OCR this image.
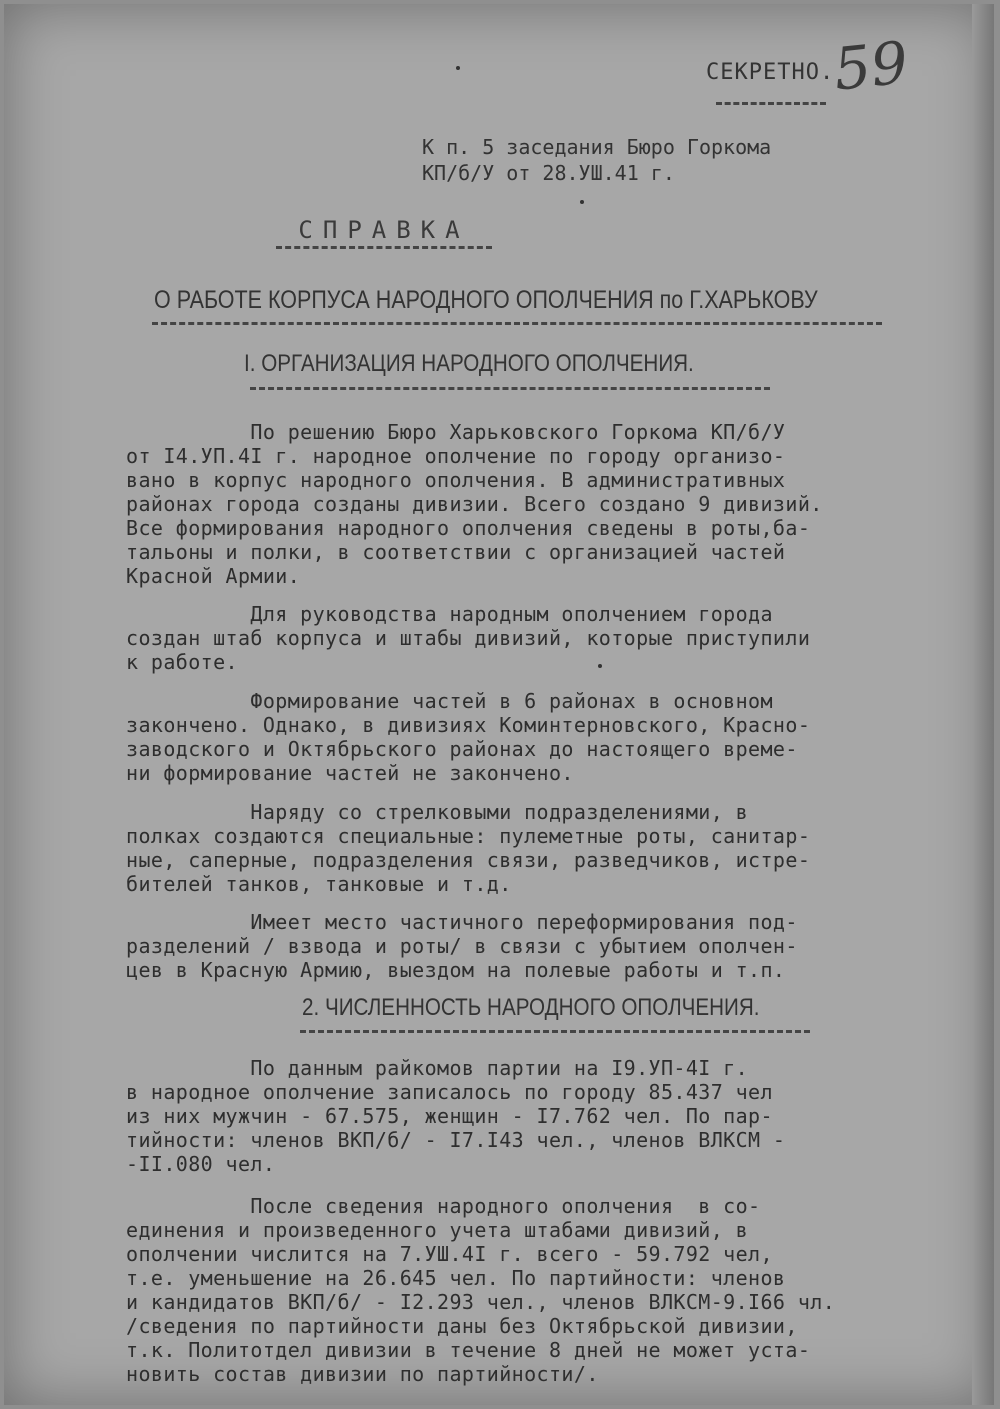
СЕКРЕТНО.
59
К п. 5 заседания Бюро Горкома
КП/б/У от 28.УШ.41 г.
СПРАВКА
О РАБОТЕ КОРПУСА НАРОДНОГО ОПОЛЧЕНИЯ по Г.ХАРЬКОВУ
I. ОРГАНИЗАЦИЯ НАРОДНОГО ОПОЛЧЕНИЯ.
По решению Бюро Харьковского Горкома КП/б/У
от I4.УП.4I г. народное ополчение по городу организо-
вано в корпус народного ополчения. В административных
районах города созданы дивизии. Всего создано 9 дивизий.
Все формирования народного ополчения сведены в роты,ба-
тальоны и полки, в соответствии с организацией частей
Красной Армии.
Для руководства народным ополчением города
создан штаб корпуса и штабы дивизий, которые приступили
к работе.
Формирование частей в 6 районах в основном
закончено. Однако, в дивизиях Коминтерновского, Красно-
заводского и Октябрьского районах до настоящего време-
ни формирование частей не закончено.
Наряду со стрелковыми подразделениями, в
полках создаются специальные: пулеметные роты, санитар-
ные, саперные, подразделения связи, разведчиков, истре-
бителей танков, танковые и т.д.
Имеет место частичного переформирования под-
разделений / взвода и роты/ в связи с убытием ополчен-
цев в Красную Армию, выездом на полевые работы и т.п.
2. ЧИСЛЕННОСТЬ НАРОДНОГО ОПОЛЧЕНИЯ.
По данным райкомов партии на I9.УП-4I г.
в народное ополчение записалось по городу 85.437 чел
из них мужчин - 67.575, женщин - I7.762 чел. По пар-
тийности: членов ВКП/б/ - I7.I43 чел., членов ВЛКСМ -
-II.080 чел.
После сведения народного ополчения  в со-
единения и произведенного учета штабами дивизий, в
ополчении числится на 7.УШ.4I г. всего - 59.792 чел,
т.е. уменьшение на 26.645 чел. По партийности: членов
и кандидатов ВКП/б/ - I2.293 чел., членов ВЛКСМ-9.I66 чл.
/сведения по партийности даны без Октябрьской дивизии,
т.к. Политотдел дивизии в течение 8 дней не может уста-
новить состав дивизии по партийности/.
